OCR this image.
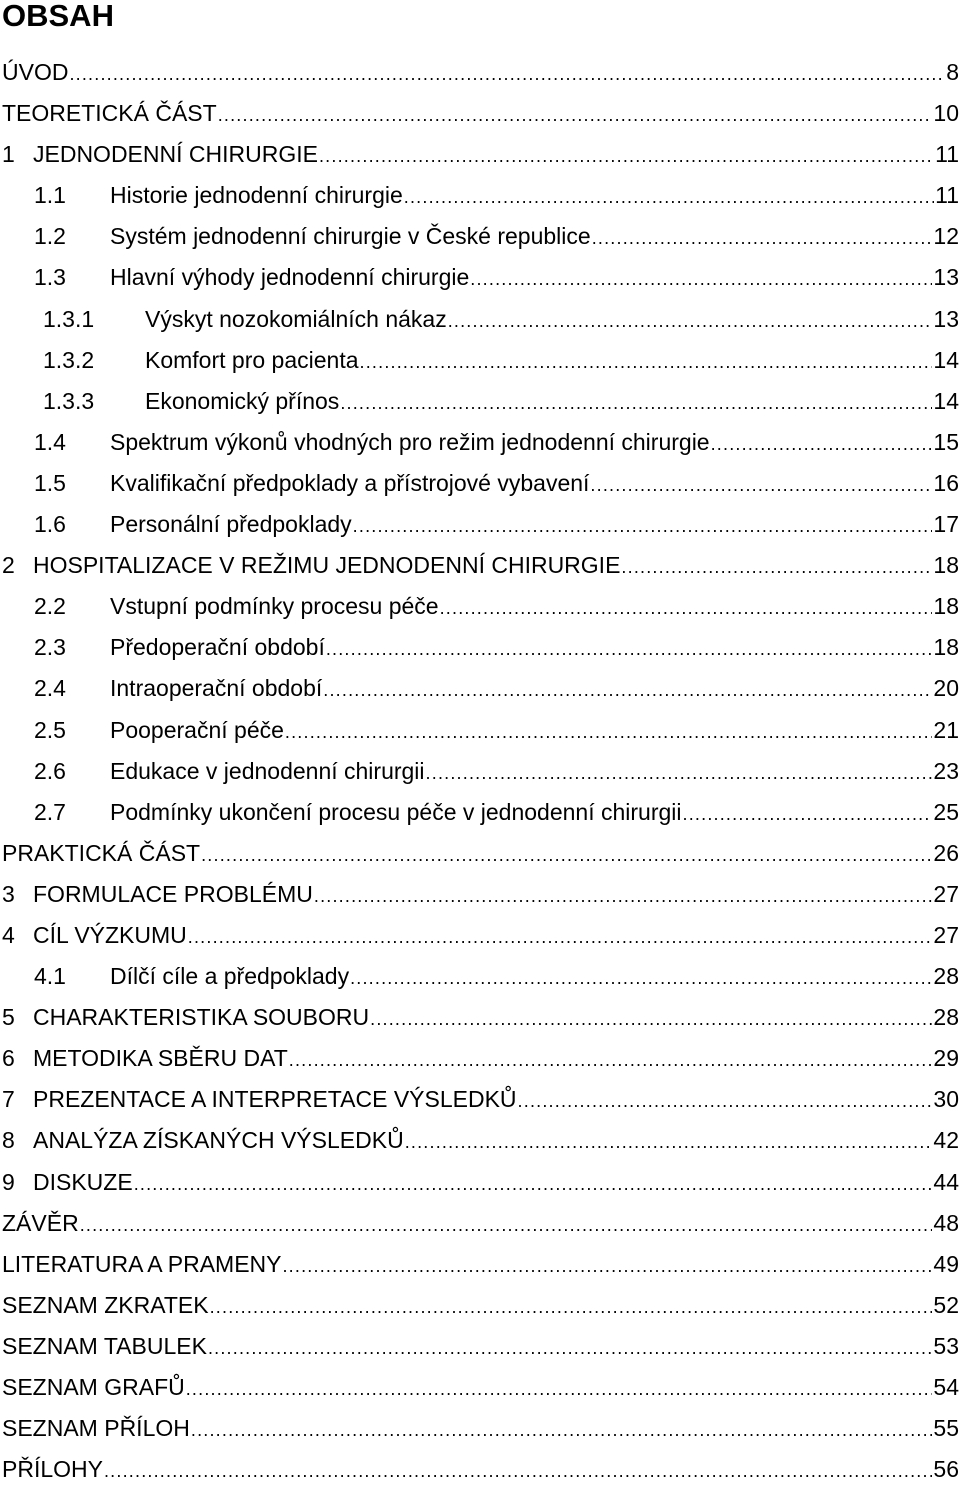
OBSAH
ÚVOD .....	8
TEORETICKÁ ČÁST .....	10
1 JEDNODENNÍ CHIRURGIE .....	11
1.1	Historie jednodenní chirurgie .....	11
1.2	Systém jednodenní chirurgie v České republice .....	12
1.3	Hlavní výhody jednodenní chirurgie .....	13
1.3.1	Výskyt nozokomiálních nákaz .....	13
1.3.2	Komfort pro pacienta .....	14
1.3.3	Ekonomický přínos .....	14
1.4	Spektrum výkonů vhodných pro režim jednodenní chirurgie .....	15
1.5	Kvalifikační předpoklady a přístrojové vybavení .....	16
1.6	Personální předpoklady .....	17
2 HOSPITALIZACE V REŽIMU JEDNODENNÍ CHIRURGIE .....	18
2.2	Vstupní podmínky procesu péče .....	18
2.3	Předoperační období .....	18
2.4	Intraoperační období .....	20
2.5	Pooperační péče .....	21
2.6	Edukace v jednodenní chirurgii .....	23
2.7	Podmínky ukončení procesu péče v jednodenní chirurgii .....	25
PRAKTICKÁ ČÁST .....	26
3 FORMULACE PROBLÉMU .....	27
4 CÍL VÝZKUMU .....	27
4.1	Dílčí cíle a předpoklady .....	28
5 CHARAKTERISTIKA SOUBORU .....	28
6 METODIKA SBĚRU DAT .....	29
7 PREZENTACE A INTERPRETACE VÝSLEDKŮ .....	30
8 ANALÝZA ZÍSKANÝCH VÝSLEDKŮ .....	42
9 DISKUZE .....	44
ZÁVĚR .....	48
LITERATURA A PRAMENY .....	49
SEZNAM ZKRATEK .....	52
SEZNAM TABULEK .....	53
SEZNAM GRAFŮ .....	54
SEZNAM PŘÍLOH .....	55
PŘÍLOHY .....	56
